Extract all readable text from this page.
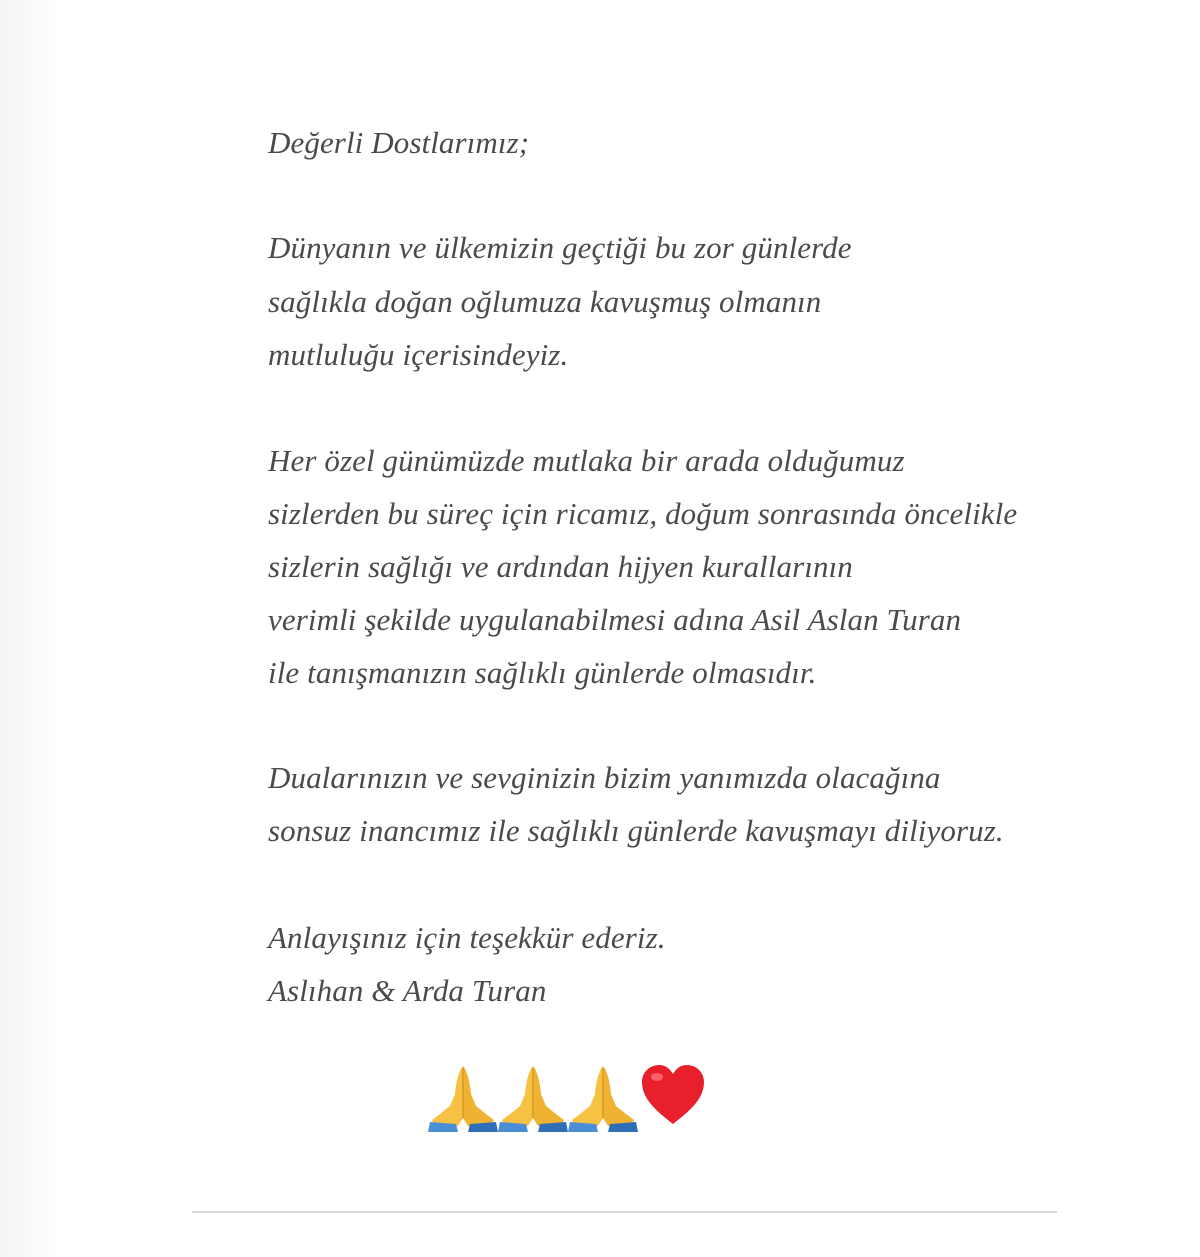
Değerli Dostlarımız;

Dünyanın ve ülkemizin geçtiği bu zor günlerde

sağlıkla doğan oğlumuza kavuşmuş olmanın

mutluluğu içerisindeyiz.

Her özel günümüzde mutlaka bir arada olduğumuz

sizlerden bu süreç için ricamız, doğum sonrasında öncelikle

sizlerin sağlığı ve ardından hijyen kurallarının

verimli şekilde uygulanabilmesi adına Asil Aslan Turan

ile tanışmanızın sağlıklı günlerde olmasıdır.

Dualarınızın ve sevginizin bizim yanımızda olacağına

sonsuz inancımız ile sağlıklı günlerde kavuşmayı diliyoruz.

Anlayışınız için teşekkür ederiz.

Aslıhan & Arda Turan
